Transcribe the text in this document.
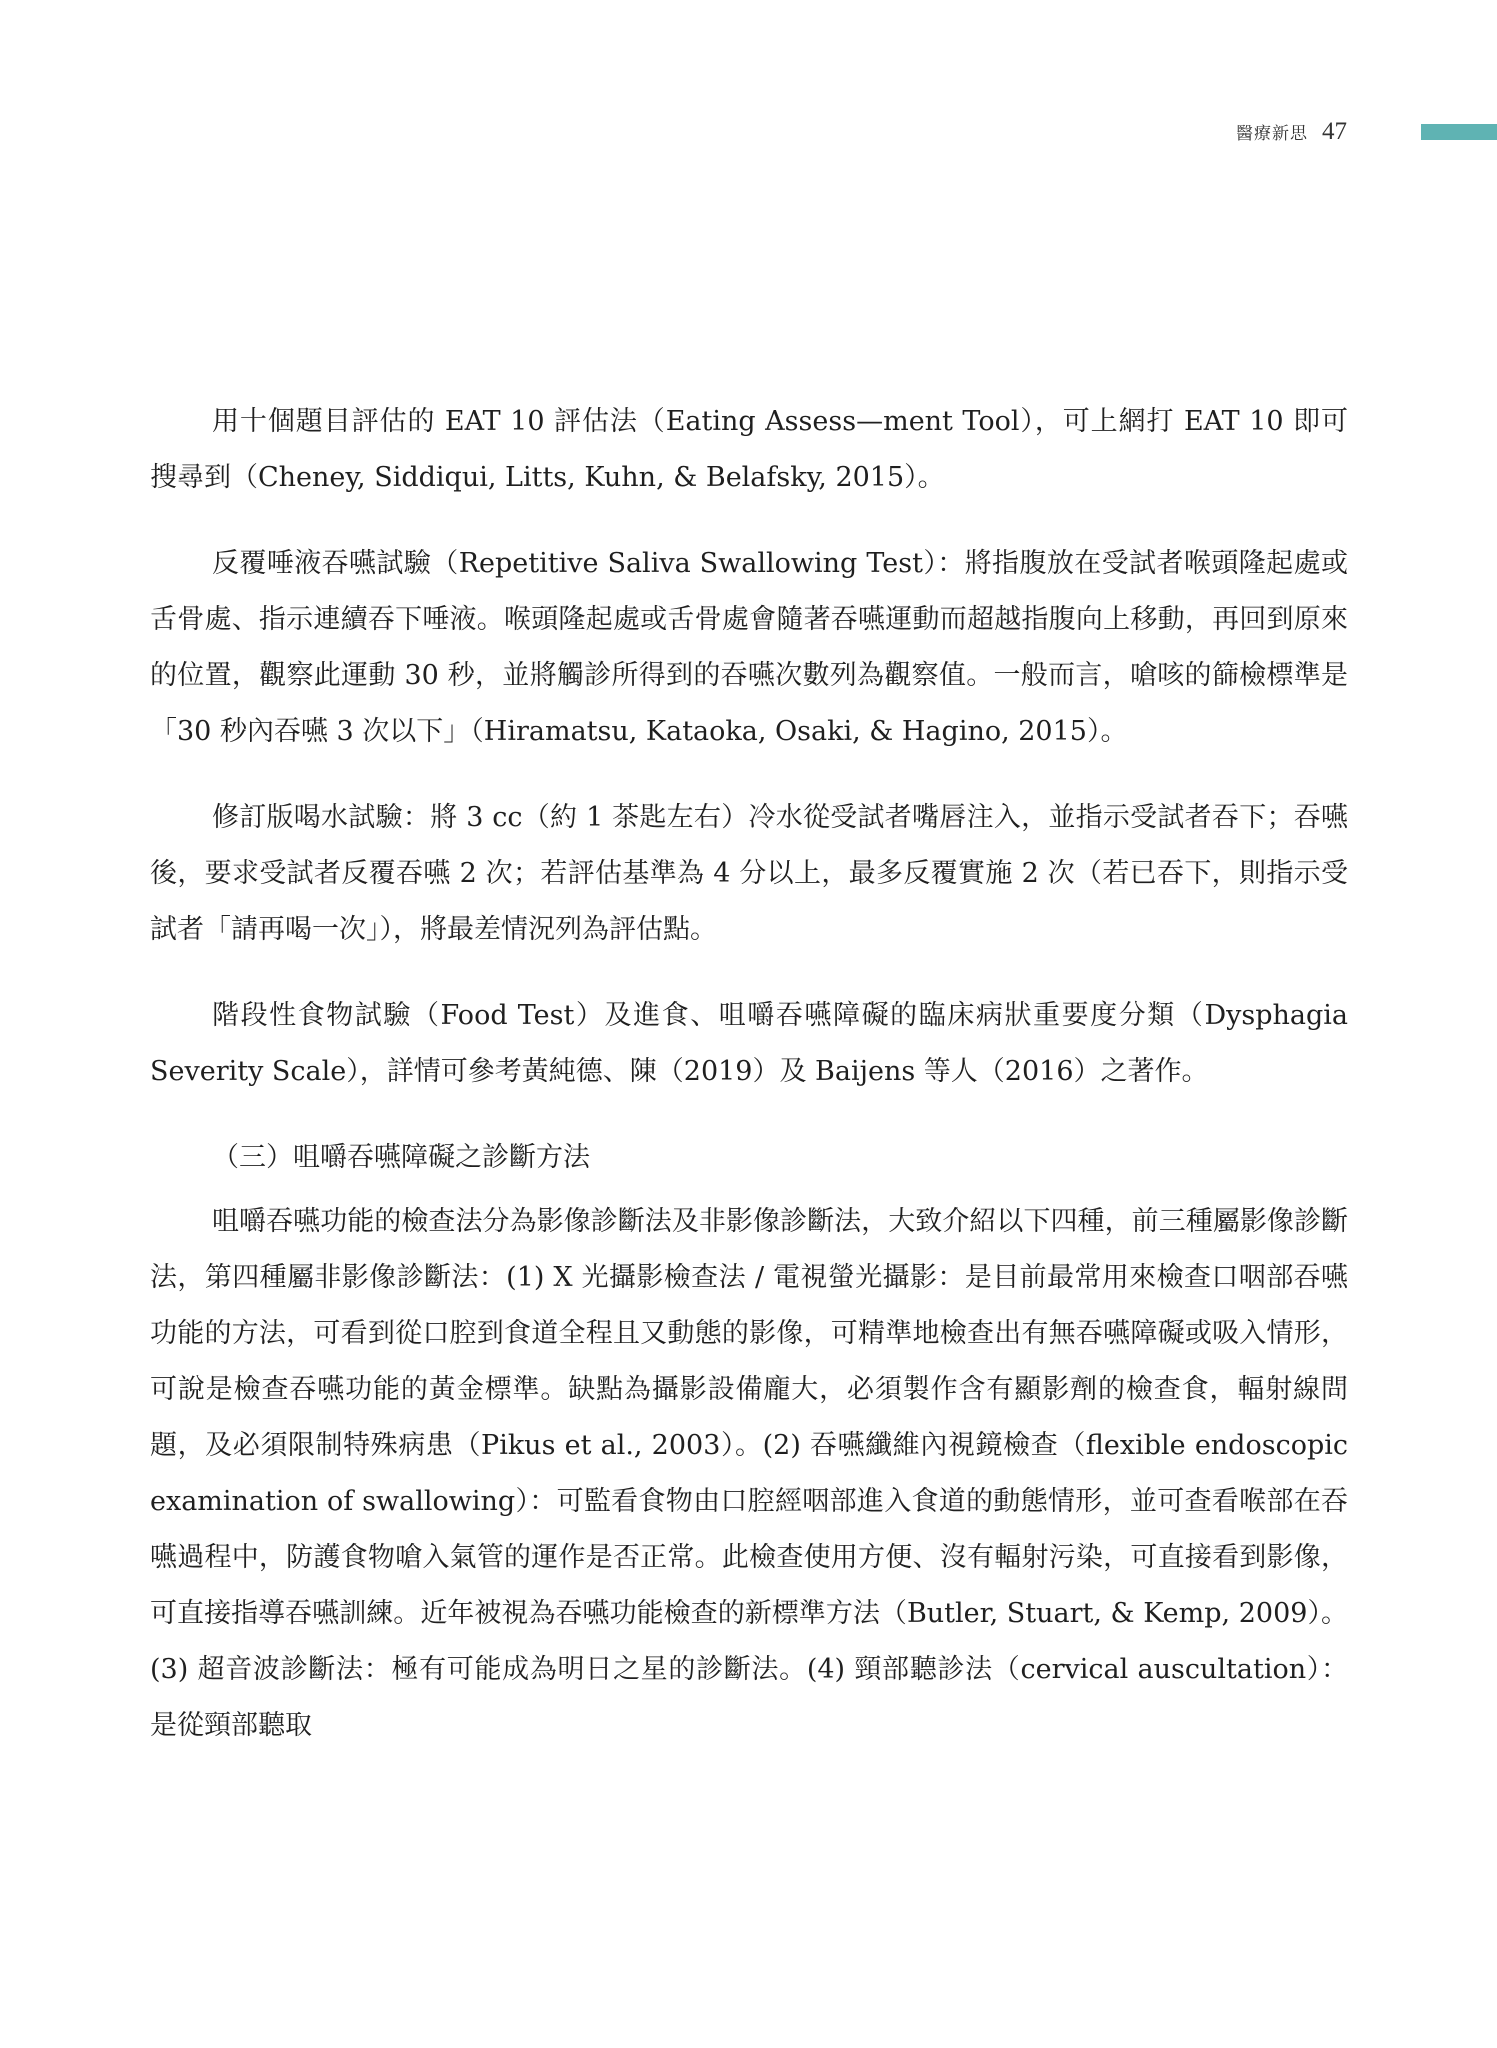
醫療新思 47

用十個題目評估的 EAT 10 評估法（Eating Assess—ment Tool），可上網打 EAT 10 即可搜尋到（Cheney, Siddiqui, Litts, Kuhn, & Belafsky, 2015）。

反覆唾液吞嚥試驗（Repetitive Saliva Swallowing Test）：將指腹放在受試者喉頭隆起處或舌骨處、指示連續吞下唾液。喉頭隆起處或舌骨處會隨著吞嚥運動而超越指腹向上移動，再回到原來的位置，觀察此運動 30 秒，並將觸診所得到的吞嚥次數列為觀察值。一般而言，嗆咳的篩檢標準是「30 秒內吞嚥 3 次以下」（Hiramatsu, Kataoka, Osaki, & Hagino, 2015）。

修訂版喝水試驗：將 3 cc（約 1 茶匙左右）冷水從受試者嘴唇注入，並指示受試者吞下；吞嚥後，要求受試者反覆吞嚥 2 次；若評估基準為 4 分以上，最多反覆實施 2 次（若已吞下，則指示受試者「請再喝一次」），將最差情況列為評估點。

階段性食物試驗（Food Test）及進食、咀嚼吞嚥障礙的臨床病狀重要度分類（Dysphagia Severity Scale），詳情可參考黃純德、陳（2019）及 Baijens 等人（2016）之著作。

（三）咀嚼吞嚥障礙之診斷方法

咀嚼吞嚥功能的檢查法分為影像診斷法及非影像診斷法，大致介紹以下四種，前三種屬影像診斷法，第四種屬非影像診斷法：(1) X 光攝影檢查法 / 電視螢光攝影：是目前最常用來檢查口咽部吞嚥功能的方法，可看到從口腔到食道全程且又動態的影像，可精準地檢查出有無吞嚥障礙或吸入情形，可說是檢查吞嚥功能的黃金標準。缺點為攝影設備龐大，必須製作含有顯影劑的檢查食，輻射線問題，及必須限制特殊病患（Pikus et al., 2003）。(2) 吞嚥纖維內視鏡檢查（flexible endoscopic examination of swallowing）：可監看食物由口腔經咽部進入食道的動態情形，並可查看喉部在吞嚥過程中，防護食物嗆入氣管的運作是否正常。此檢查使用方便、沒有輻射污染，可直接看到影像，可直接指導吞嚥訓練。近年被視為吞嚥功能檢查的新標準方法（Butler, Stuart, & Kemp, 2009）。(3) 超音波診斷法：極有可能成為明日之星的診斷法。(4) 頸部聽診法（cervical auscultation）：是從頸部聽取
